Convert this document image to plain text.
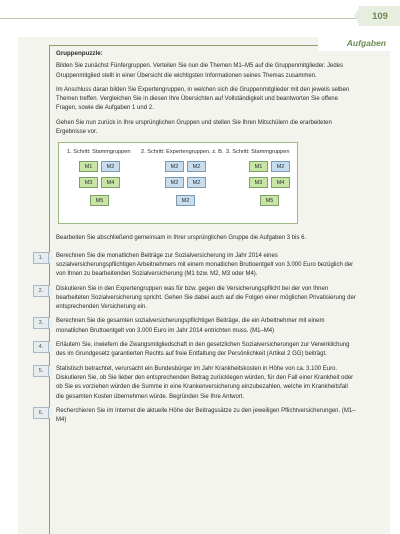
109
Aufgaben

Gruppenpuzzle:

Bilden Sie zunächst Fünfergruppen. Verteilen Sie nun die Themen M1–M5 auf die Gruppenmitglieder. Jedes Gruppenmitglied stellt in einer Übersicht die wichtigsten Informationen seines Themas zusammen.

Im Anschluss daran bilden Sie Expertengruppen, in welchen sich die Gruppenmitglieder mit den jeweils selben Themen treffen. Vergleichen Sie in diesen Ihre Übersichten auf Vollständigkeit und beantworten Sie offene Fragen, sowie die Aufgaben 1 und 2.

Gehen Sie nun zurück in Ihre ursprünglichen Gruppen und stellen Sie Ihren Mitschülern die erarbeiteten Ergebnisse vor.

1. Schritt: Stammgruppen 2. Schritt: Expertengruppen, z. B. 3. Schritt: Stammgruppen
M1	M2
M3	M4
M5
M2	M2
M2	M2
M2
M1	M2
M3	M4
M5

Bearbeiten Sie abschließend gemeinsam in Ihrer ursprünglichen Gruppe die Aufgaben 3 bis 6.

1.	Berechnen Sie die monatlichen Beiträge zur Sozialversicherung im Jahr 2014 eines sozialversicherungspflichtigen Arbeitnehmers mit einem monatlichen Bruttoentgelt von 3.000 Euro bezüglich der von Ihnen zu bearbeitenden Sozialversicherung (M1 bzw. M2, M3 oder M4).
2.	Diskutieren Sie in den Expertengruppen was für bzw. gegen die Versicherungspflicht bei der von Ihnen bearbeiteten Sozialversicherung spricht. Gehen Sie dabei auch auf die Folgen einer möglichen Privatisierung der entsprechenden Versicherung ein.
3.	Berechnen Sie die gesamten sozialversicherungspflichtigen Beiträge, die ein Arbeitnehmer mit einem monatlichen Bruttoentgelt von 3.000 Euro im Jahr 2014 entrichten muss. (M1–M4)
4.	Erläutern Sie, inwiefern die Zwangsmitgliedschaft in den gesetzlichen Sozialversicherungen zur Verwirklichung des im Grundgesetz garantierten Rechts auf freie Entfaltung der Persönlichkeit (Artikel 2 GG) beiträgt.
5.	Statistisch betrachtet, verursacht ein Bundesbürger im Jahr Krankheitskosten in Höhe von ca. 3.100 Euro. Diskutieren Sie, ob Sie lieber den entsprechenden Betrag zurücklegen würden, für den Fall einer Krankheit oder ob Sie es vorziehen würden die Summe in eine Krankenversicherung einzubezahlen, welche im Krankheitsfall die gesamten Kosten übernehmen würde. Begründen Sie Ihre Antwort.
6.	Recherchieren Sie im Internet die aktuelle Höhe der Beitragssätze zu den jeweiligen Pflichtversicherungen. (M1–M4)
